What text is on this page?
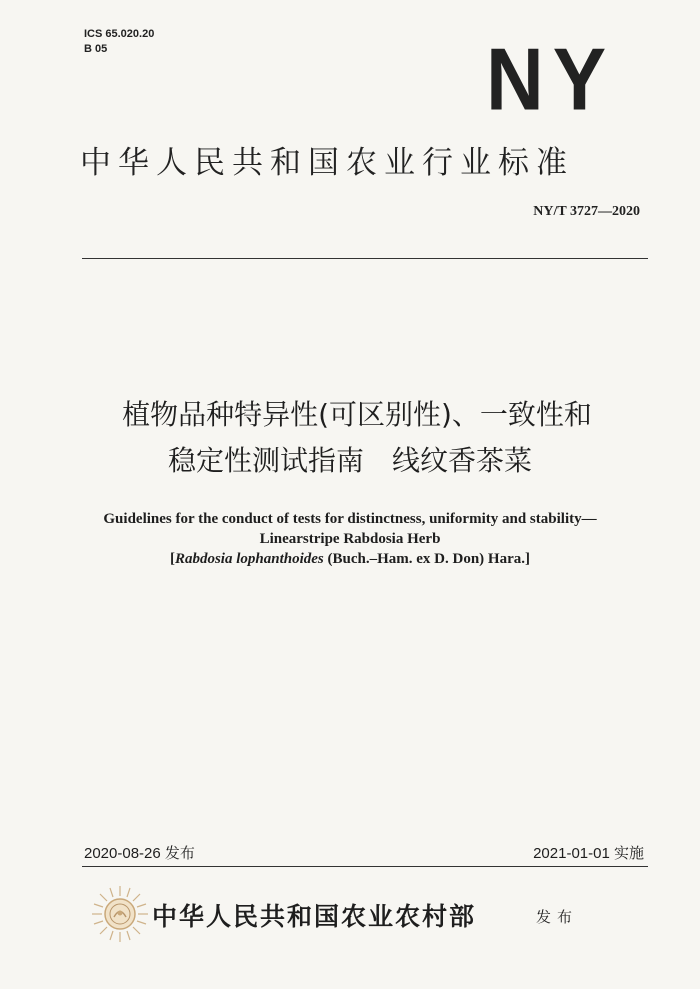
ICS 65.020.20
B 05	NY
中华人民共和国农业行业标准
NY/T 3727—2020
植物品种特异性(可区别性)、一致性和
稳定性测试指南　线纹香茶菜
Guidelines for the conduct of tests for distinctness, uniformity and stability—
Linearstripe Rabdosia Herb
[Rabdosia lophanthoides (Buch.–Ham. ex D. Don) Hara.]
2020-08-26 发布	2021-01-01 实施
中华人民共和国农业农村部	发布
